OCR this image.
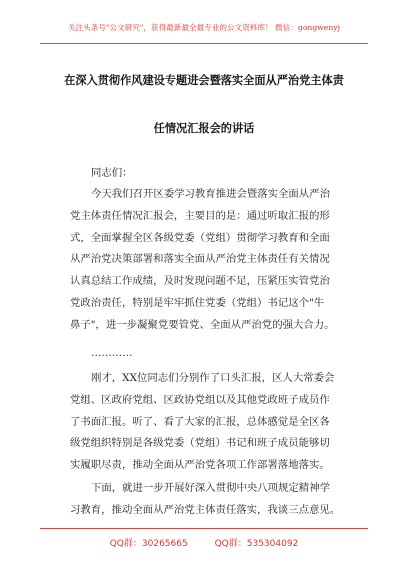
关注头条号"公文研究"，获得最新最全最专业的公文资料库！ 微信：gongwenyj
在深入贯彻作风建设专题进会暨落实全面从严治党主体责
任情况汇报会的讲话
同志们：
今天我们召开区委学习教育推进会暨落实全面从严治
党主体责任情况汇报会，主要目的是：通过听取汇报的形
式，全面掌握全区各级党委（党组）贯彻学习教育和全面
从严治党决策部署和落实全面从严治党主体责任有关情况
认真总结工作成绩，及时发现问题不足，压紧压实管党治
党政治责任，特别是牢牢抓住党委（党组）书记这个"牛
鼻子"，进一步凝聚党要管党、全面从严治党的强大合力。
…………
刚才，XX位同志们分别作了口头汇报，区人大常委会
党组、区政府党组、区政协党组以及其他党政班子成员作
了书面汇报。听了、看了大家的汇报，总体感觉是全区各
级党组织特别是各级党委（党组）书记和班子成员能够切
实履职尽责，推动全面从严治党各项工作部署落地落实。
下面，就进一步开展好深入贯彻中央八项规定精神学
习教育，推动全面从严治党主体责任落实，我谈三点意见。
QQ群：30265665	QQ群：535304092
